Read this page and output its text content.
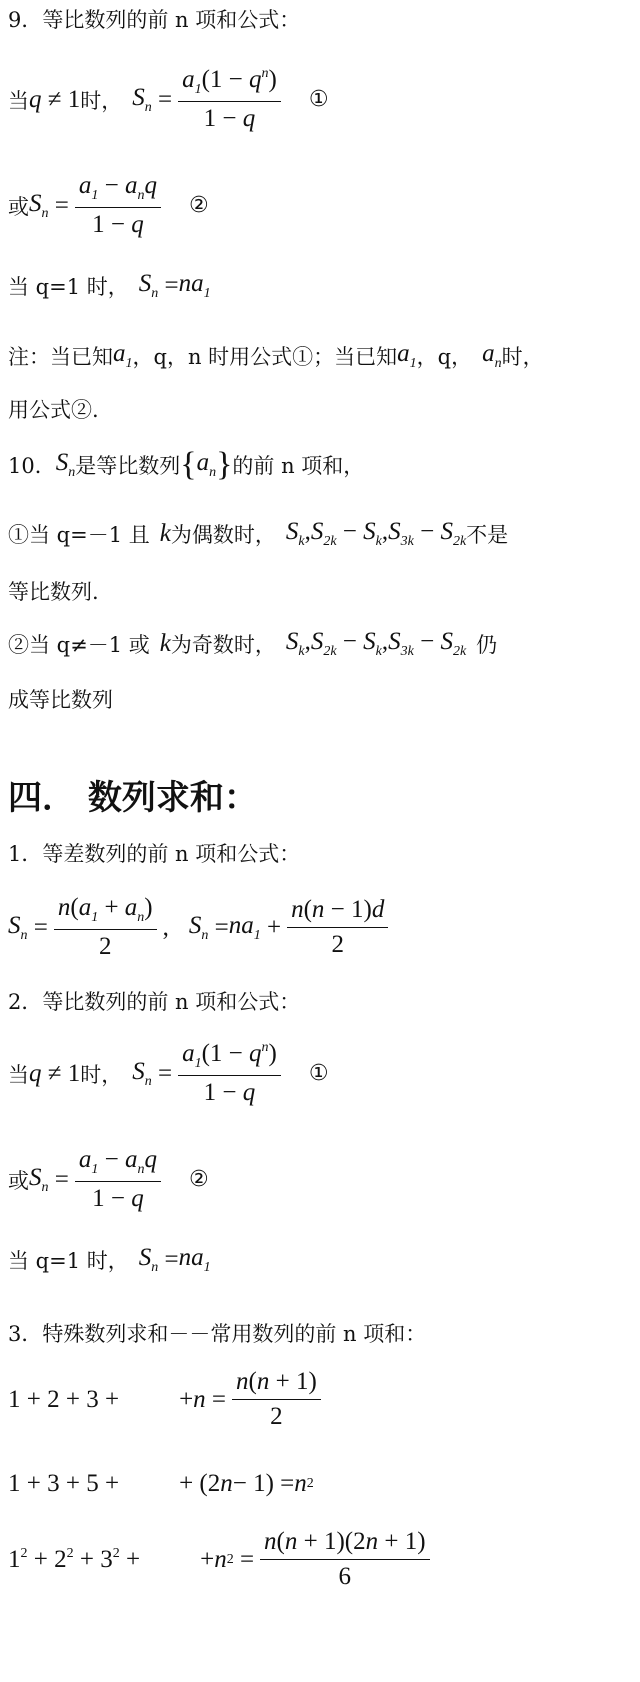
9．等比数列的前 n 项和公式：
当 q ≠ 1 时， $S_n = \frac{a_1(1 - q^n)}{1 - q}$ ①
或 $S_n = \frac{a_1 - a_nq}{1 - q}$ ②
当 q=1 时， $S_n = na_1$
注：当已知 $a_1$ ，q，n 时用公式①；当已知 $a_1$ ，q， $a_n$ 时，
用公式②.
10． $S_n$ 是等比数列 { $a_n$ } 的前 n 项和，
①当 q=－1 且 k 为偶数时， $S_k,S_{2k} - S_k,S_{3k} - S_{2k}$ 不是
等比数列.
②当 q≠－1 或 k 为奇数时， $S_k,S_{2k} - S_k,S_{3k} - S_{2k}$ 仍
成等比数列
四． 数列求和：
1．等差数列的前 n 项和公式：
$S_n = \frac{n(a_1 + a_n)}{2}$ , $S_n = na_1 + \frac{n(n - 1)d}{2}$
2．等比数列的前 n 项和公式：
当 q ≠ 1 时， $S_n = \frac{a_1(1 - q^n)}{1 - q}$ ①
或 $S_n = \frac{a_1 - a_nq}{1 - q}$ ②
当 q=1 时， $S_n = na_1$
3．特殊数列求和－－常用数列的前 n 项和：
1 + 2 + 3 + + $n = \frac{n(n + 1)}{2}$
1 + 3 + 5 + + (2 n − 1) = n 2
$1^2 + 2^2 + 3^2$ + + n $2 = \frac{n(n + 1)(2n + 1)}{6}$
